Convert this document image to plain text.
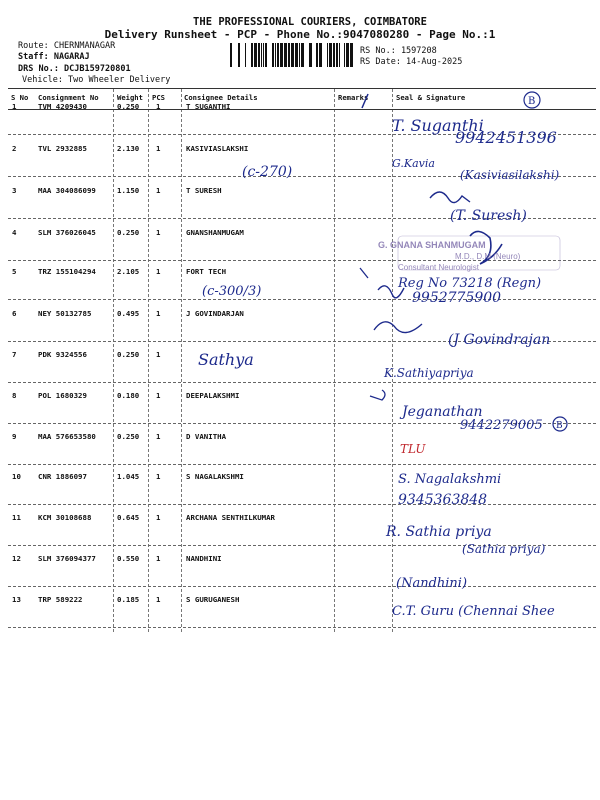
THE PROFESSIONAL COURIERS, COIMBATORE
Delivery Runsheet - PCP - Phone No.:9047080280 - Page No.:1
Route: CHERNMANAGAR
Staff: NAGARAJ
DRS No.: DCJB159720801
Vehicle: Two Wheeler Delivery
RS No.: 1597208
RS Date: 14-Aug-2025
S No Consignment No	Weight PCS	Consignee Details	Remarks	Seal & Signature
1	TVM 4209430	0.250 1	T SUGANTHI
2	TVL 2932885	2.130 1	KASIVIASLAKSHI
3	MAA 304086099	1.150 1	T SURESH
4	SLM 376026045	0.250 1	GNANSHANMUGAM
5	TRZ 155104294	2.105 1	FORT TECH
6	NEY 50132785	0.495 1	J GOVINDARJAN
7	PDK 9324556	0.250 1
8	POL 1680329	0.180 1	DEEPALAKSHMI
9	MAA 576653580	0.250 1	D VANITHA
10 CNR 1886097	1.045 1	S NAGALAKSHMI
11 KCM 30108688	0.645 1	ARCHANA SENTHILKUMAR
12 SLM 376094377	0.550 1	NANDHINI
13 TRP 589222	0.185 1	S GURUGANESH
B
B
G. GNANA SHANMUGAM
M.D., D.M (Neuro)
Consultant Neurologist
T. Suganthi
9942451396
G.Kavia
(Kasiviasilakshi)
(c-270)
(T. Suresh)
Reg No 73218 (Regn)
(c-300/3)	9952775900
(J Govindrajan
Sathya
K.Sathiyapriya
Jeganathan
9442279005
TLU
S. Nagalakshmi
9345363848
R. Sathia priya
(Sathia priya)
(Nandhini)
C.T. Guru (Chennai Shee
